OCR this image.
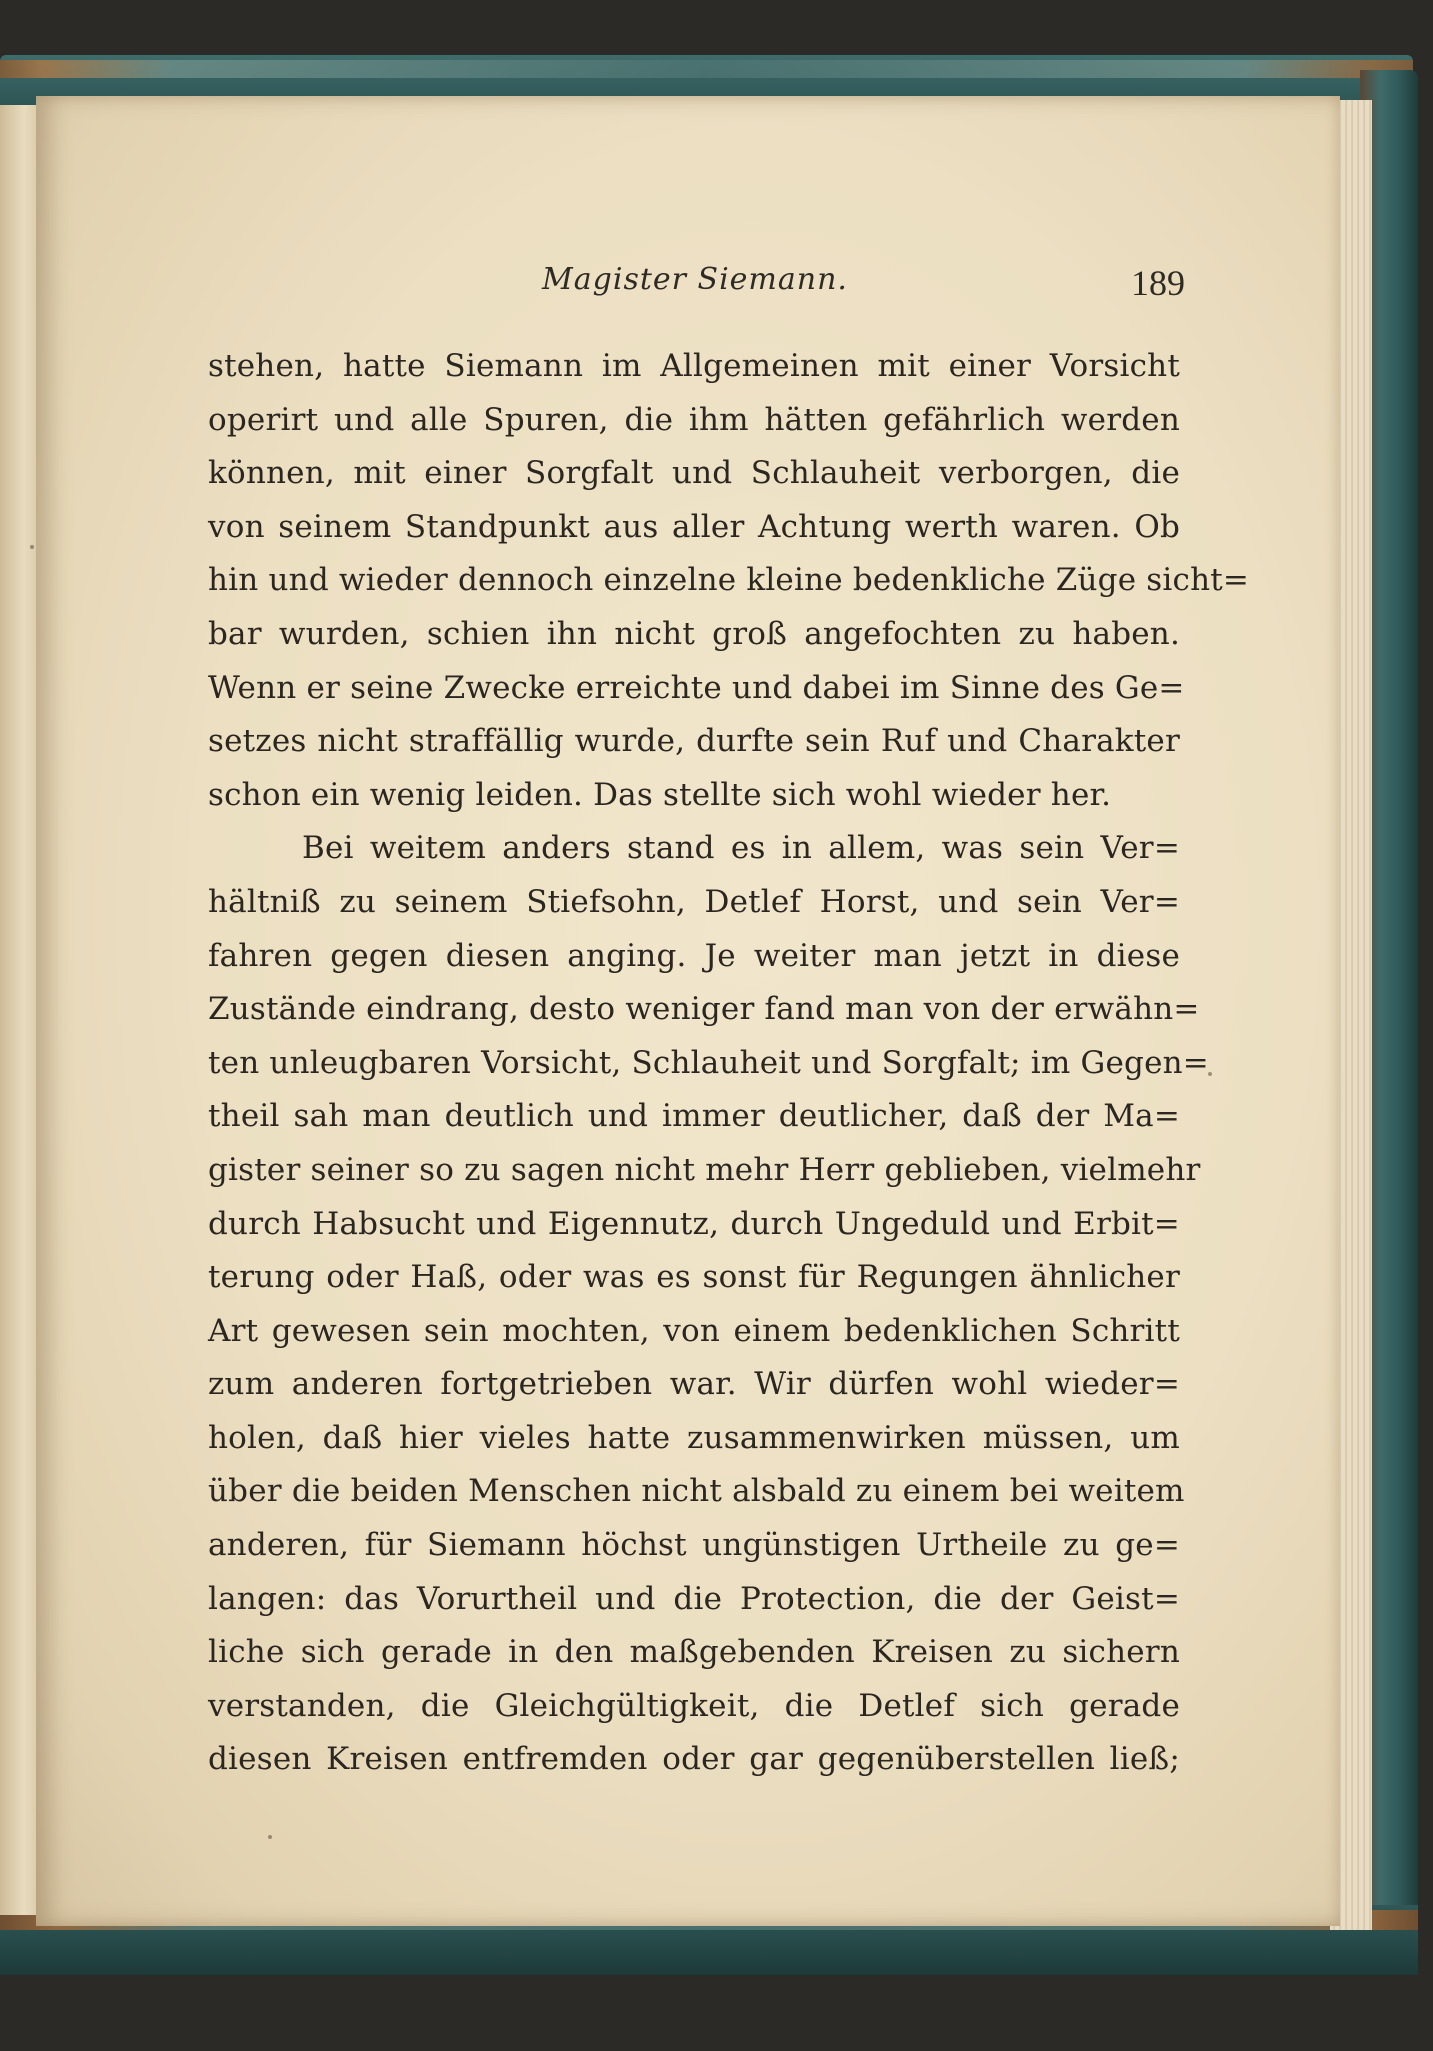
Magister Siemann.	189
stehen, hatte Siemann im Allgemeinen mit einer Vorsicht
operirt und alle Spuren, die ihm hätten gefährlich werden
können, mit einer Sorgfalt und Schlauheit verborgen, die
von seinem Standpunkt aus aller Achtung werth waren. Ob
hin und wieder dennoch einzelne kleine bedenkliche Züge sicht=
bar wurden, schien ihn nicht groß angefochten zu haben.
Wenn er seine Zwecke erreichte und dabei im Sinne des Ge=
setzes nicht straffällig wurde, durfte sein Ruf und Charakter
schon ein wenig leiden. Das stellte sich wohl wieder her.
Bei weitem anders stand es in allem, was sein Ver=
hältniß zu seinem Stiefsohn, Detlef Horst, und sein Ver=
fahren gegen diesen anging. Je weiter man jetzt in diese
Zustände eindrang, desto weniger fand man von der erwähn=
ten unleugbaren Vorsicht, Schlauheit und Sorgfalt; im Gegen=
theil sah man deutlich und immer deutlicher, daß der Ma=
gister seiner so zu sagen nicht mehr Herr geblieben, vielmehr
durch Habsucht und Eigennutz, durch Ungeduld und Erbit=
terung oder Haß, oder was es sonst für Regungen ähnlicher
Art gewesen sein mochten, von einem bedenklichen Schritt
zum anderen fortgetrieben war. Wir dürfen wohl wieder=
holen, daß hier vieles hatte zusammenwirken müssen, um
über die beiden Menschen nicht alsbald zu einem bei weitem
anderen, für Siemann höchst ungünstigen Urtheile zu ge=
langen: das Vorurtheil und die Protection, die der Geist=
liche sich gerade in den maßgebenden Kreisen zu sichern
verstanden, die Gleichgültigkeit, die Detlef sich gerade
diesen Kreisen entfremden oder gar gegenüberstellen ließ;
